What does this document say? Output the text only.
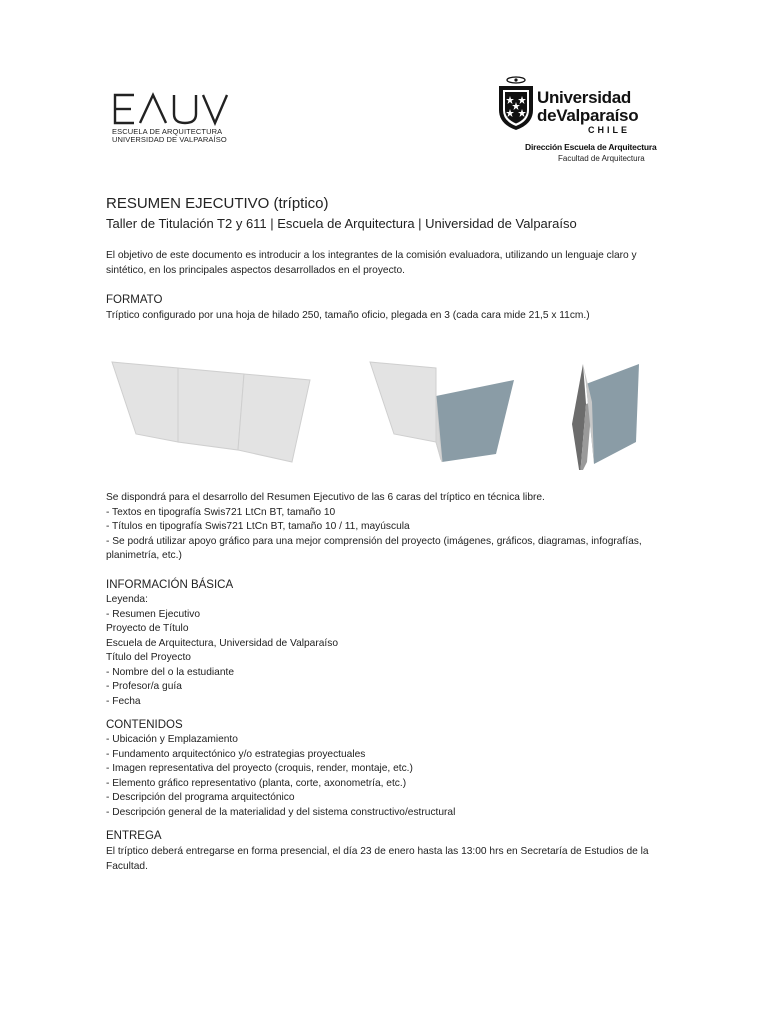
ESCUELA DE ARQUITECTURA
UNIVERSIDAD DE VALPARAÍSO
Universidad
deValparaíso
CHILE
Dirección Escuela de Arquitectura
Facultad de Arquitectura
RESUMEN EJECUTIVO (tríptico)
Taller de Titulación T2 y 611 | Escuela de Arquitectura | Universidad de Valparaíso
El objetivo de este documento es introducir a los integrantes de la comisión evaluadora, utilizando un lenguaje claro y sintético, en los principales aspectos desarrollados en el proyecto.
FORMATO
Tríptico configurado por una hoja de hilado 250, tamaño oficio, plegada en 3 (cada cara mide 21,5 x 11cm.)
Se dispondrá para el desarrollo del Resumen Ejecutivo de las 6 caras del tríptico en técnica libre.
- Textos en tipografía Swis721 LtCn BT, tamaño 10
- Títulos en tipografía Swis721 LtCn BT, tamaño 10 / 11, mayúscula
- Se podrá utilizar apoyo gráfico para una mejor comprensión del proyecto (imágenes, gráficos, diagramas, infografías,
planimetría, etc.)
INFORMACIÓN BÁSICA
Leyenda:
- Resumen Ejecutivo
Proyecto de Título
Escuela de Arquitectura, Universidad de Valparaíso
Título del Proyecto
- Nombre del o la estudiante
- Profesor/a guía
- Fecha
CONTENIDOS
- Ubicación y Emplazamiento
- Fundamento arquitectónico y/o estrategias proyectuales
- Imagen representativa del proyecto (croquis, render, montaje, etc.)
- Elemento gráfico representativo (planta, corte, axonometría, etc.)
- Descripción del programa arquitectónico
- Descripción general de la materialidad y del sistema constructivo/estructural
ENTREGA
El tríptico deberá entregarse en forma presencial, el día 23 de enero hasta las 13:00 hrs en Secretaría de Estudios de la Facultad.
